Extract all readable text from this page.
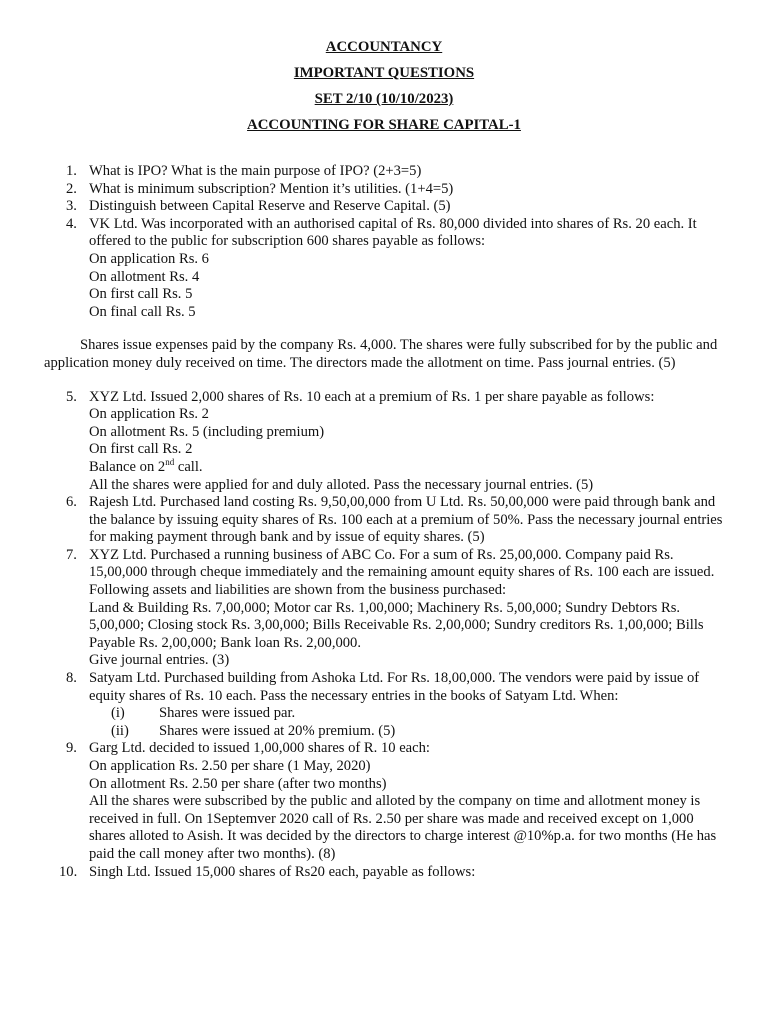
ACCOUNTANCY
IMPORTANT QUESTIONS
SET 2/10 (10/10/2023)
ACCOUNTING FOR SHARE CAPITAL-1
1. What is IPO? What is the main purpose of IPO? (2+3=5)

2. What is minimum subscription? Mention it’s utilities. (1+4=5)

3. Distinguish between Capital Reserve and Reserve Capital. (5)

4. VK Ltd. Was incorporated with an authorised capital of Rs. 80,000 divided into shares of Rs. 20 each. It offered to the public for subscription 600 shares payable as follows:

On application Rs. 6

On allotment Rs. 4

On first call Rs. 5

On final call Rs. 5

Shares issue expenses paid by the company Rs. 4,000. The shares were fully subscribed for by the public and application money duly received on time. The directors made the allotment on time. Pass journal entries. (5)

5. XYZ Ltd. Issued 2,000 shares of Rs. 10 each at a premium of Rs. 1 per share payable as follows:

On application Rs. 2

On allotment Rs. 5 (including premium)

On first call Rs. 2

Balance on 2nd call.

All the shares were applied for and duly alloted. Pass the necessary journal entries. (5)

6. Rajesh Ltd. Purchased land costing Rs. 9,50,00,000 from U Ltd. Rs. 50,00,000 were paid through bank and the balance by issuing equity shares of Rs. 100 each at a premium of 50%. Pass the necessary journal entries for making payment through bank and by issue of equity shares. (5)

7. XYZ Ltd. Purchased a running business of ABC Co. For a sum of Rs. 25,00,000. Company paid Rs. 15,00,000 through cheque immediately and the remaining amount equity shares of Rs. 100 each are issued. Following assets and liabilities are shown from the business purchased:

Land & Building Rs. 7,00,000; Motor car Rs. 1,00,000; Machinery Rs. 5,00,000; Sundry Debtors Rs. 5,00,000; Closing stock Rs. 3,00,000; Bills Receivable Rs. 2,00,000; Sundry creditors Rs. 1,00,000; Bills Payable Rs. 2,00,000; Bank loan Rs. 2,00,000.

Give journal entries. (3)

8. Satyam Ltd. Purchased building from Ashoka Ltd. For Rs. 18,00,000. The vendors were paid by issue of equity shares of Rs. 10 each. Pass the necessary entries in the books of Satyam Ltd. When:

(i) Shares were issued par.
(ii) Shares were issued at 20% premium. (5)
9. Garg Ltd. decided to issued 1,00,000 shares of R. 10 each:

On application Rs. 2.50 per share (1 May, 2020)

On allotment Rs. 2.50 per share (after two months)

All the shares were subscribed by the public and alloted by the company on time and allotment money is received in full. On 1Septemver 2020 call of Rs. 2.50 per share was made and received except on 1,000 shares alloted to Asish. It was decided by the directors to charge interest @10%p.a. for two months (He has paid the call money after two months). (8)

10. Singh Ltd. Issued 15,000 shares of Rs20 each, payable as follows:
